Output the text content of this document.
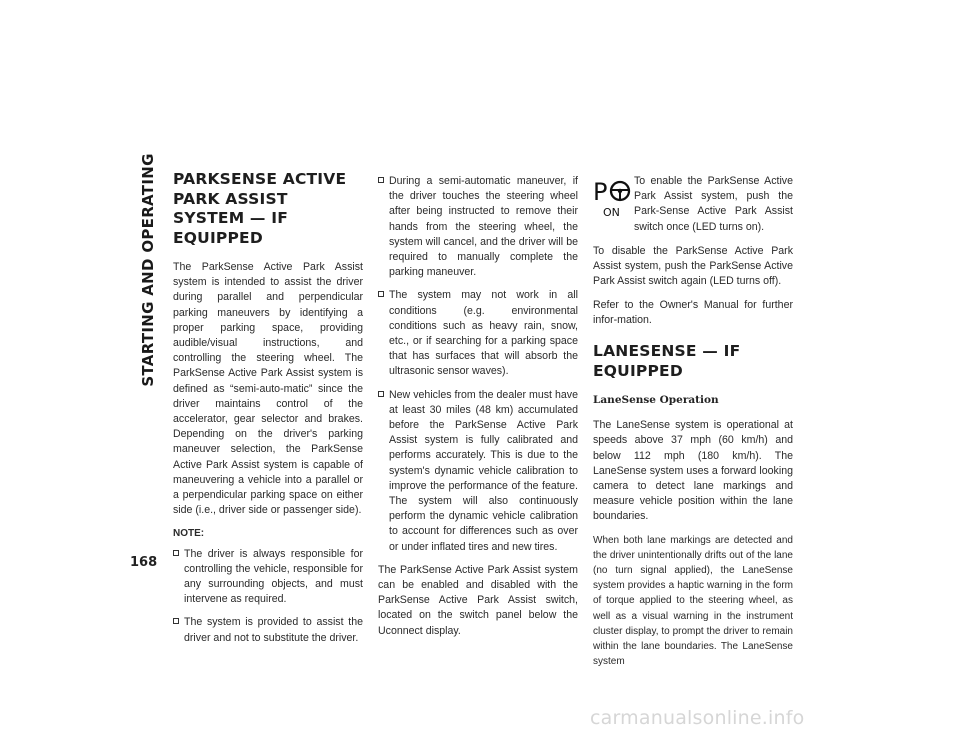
STARTING AND OPERATING
168
PARKSENSE ACTIVE PARK ASSIST SYSTEM — IF EQUIPPED

The ParkSense Active Park Assist system is intended to assist the driver during parallel and perpendicular parking maneuvers by identifying a proper parking space, providing audible/visual instructions, and controlling the steering wheel. The ParkSense Active Park Assist system is defined as “semi-auto-matic” since the driver maintains control of the accelerator, gear selector and brakes. Depending on the driver's parking maneuver selection, the ParkSense Active Park Assist system is capable of maneuvering a vehicle into a parallel or a perpendicular parking space on either side (i.e., driver side or passenger side).

NOTE:
The driver is always responsible for controlling the vehicle, responsible for any surrounding objects, and must intervene as required.
The system is provided to assist the driver and not to substitute the driver.
During a semi-automatic maneuver, if the driver touches the steering wheel after being instructed to remove their hands from the steering wheel, the system will cancel, and the driver will be required to manually complete the parking maneuver.
The system may not work in all conditions (e.g. environmental conditions such as heavy rain, snow, etc., or if searching for a parking space that has surfaces that will absorb the ultrasonic sensor waves).
New vehicles from the dealer must have at least 30 miles (48 km) accumulated before the ParkSense Active Park Assist system is fully calibrated and performs accurately. This is due to the system's dynamic vehicle calibration to improve the performance of the feature. The system will also continuously perform the dynamic vehicle calibration to account for differences such as over or under inflated tires and new tires.

The ParkSense Active Park Assist system can be enabled and disabled with the ParkSense Active Park Assist switch, located on the switch panel below the Uconnect display.

P
ON

To enable the ParkSense Active Park Assist system, push the Park-Sense Active Park Assist switch once (LED turns on).

To disable the ParkSense Active Park Assist system, push the ParkSense Active Park Assist switch again (LED turns off).

Refer to the Owner's Manual for further infor-mation.

LANESENSE — IF EQUIPPED
LaneSense Operation

The LaneSense system is operational at speeds above 37 mph (60 km/h) and below 112 mph (180 km/h). The LaneSense system uses a forward looking camera to detect lane markings and measure vehicle position within the lane boundaries.

When both lane markings are detected and the driver unintentionally drifts out of the lane (no turn signal applied), the LaneSense system provides a haptic warning in the form of torque applied to the steering wheel, as well as a visual warning in the instrument cluster display, to prompt the driver to remain within the lane boundaries. The LaneSense system

carmanualsonline.info
